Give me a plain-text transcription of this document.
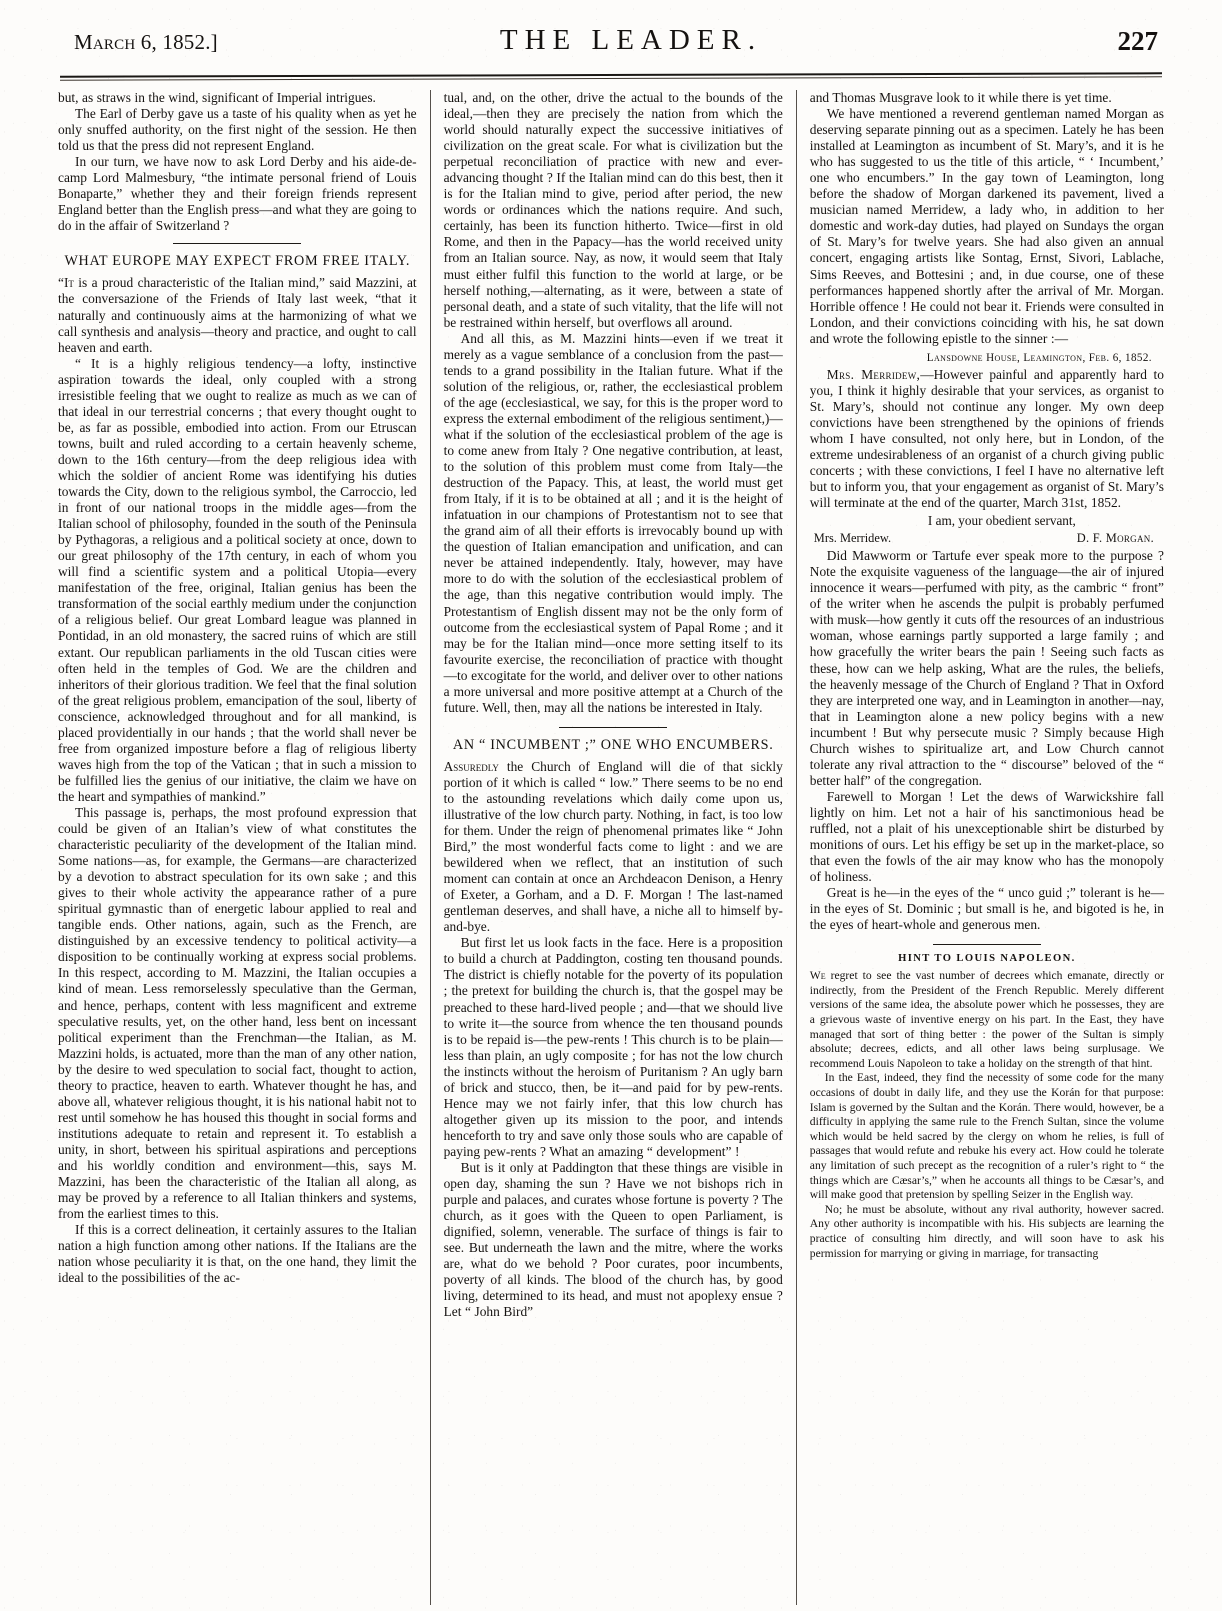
March 6, 1852.]	THE LEADER.	227

but, as straws in the wind, significant of Imperial intrigues.

The Earl of Derby gave us a taste of his quality when as yet he only snuffed authority, on the first night of the session. He then told us that the press did not represent England.

In our turn, we have now to ask Lord Derby and his aide-de-camp Lord Malmesbury, “the intimate personal friend of Louis Bonaparte,” whether they and their foreign friends represent England better than the English press—and what they are going to do in the affair of Switzerland ?

WHAT EUROPE MAY EXPECT FROM FREE ITALY.

“It is a proud characteristic of the Italian mind,” said Mazzini, at the conversazione of the Friends of Italy last week, “that it naturally and continuously aims at the harmonizing of what we call synthesis and analysis—theory and practice, and ought to call heaven and earth.

“ It is a highly religious tendency—a lofty, instinctive aspiration towards the ideal, only coupled with a strong irresistible feeling that we ought to realize as much as we can of that ideal in our terrestrial concerns ; that every thought ought to be, as far as possible, embodied into action. From our Etruscan towns, built and ruled according to a certain heavenly scheme, down to the 16th century—from the deep religious idea with which the soldier of ancient Rome was identifying his duties towards the City, down to the religious symbol, the Carroccio, led in front of our national troops in the middle ages—from the Italian school of philosophy, founded in the south of the Peninsula by Pythagoras, a religious and a political society at once, down to our great philosophy of the 17th century, in each of whom you will find a scientific system and a political Utopia—every manifestation of the free, original, Italian genius has been the transformation of the social earthly medium under the conjunction of a religious belief. Our great Lombard league was planned in Pontidad, in an old monastery, the sacred ruins of which are still extant. Our republican parliaments in the old Tuscan cities were often held in the temples of God. We are the children and inheritors of their glorious tradition. We feel that the final solution of the great religious problem, emancipation of the soul, liberty of conscience, acknowledged throughout and for all mankind, is placed providentially in our hands ; that the world shall never be free from organized imposture before a flag of religious liberty waves high from the top of the Vatican ; that in such a mission to be fulfilled lies the genius of our initiative, the claim we have on the heart and sympathies of mankind.”

This passage is, perhaps, the most profound expression that could be given of an Italian’s view of what constitutes the characteristic peculiarity of the development of the Italian mind. Some nations—as, for example, the Germans—are characterized by a devotion to abstract speculation for its own sake ; and this gives to their whole activity the appearance rather of a pure spiritual gymnastic than of energetic labour applied to real and tangible ends. Other nations, again, such as the French, are distinguished by an excessive tendency to political activity—a disposition to be continually working at express social problems. In this respect, according to M. Mazzini, the Italian occupies a kind of mean. Less remorselessly speculative than the German, and hence, perhaps, content with less magnificent and extreme speculative results, yet, on the other hand, less bent on incessant political experiment than the Frenchman—the Italian, as M. Mazzini holds, is actuated, more than the man of any other nation, by the desire to wed speculation to social fact, thought to action, theory to practice, heaven to earth. Whatever thought he has, and above all, whatever religious thought, it is his national habit not to rest until somehow he has housed this thought in social forms and institutions adequate to retain and represent it. To establish a unity, in short, between his spiritual aspirations and perceptions and his worldly condition and environment—this, says M. Mazzini, has been the characteristic of the Italian all along, as may be proved by a reference to all Italian thinkers and systems, from the earliest times to this.

If this is a correct delineation, it certainly assures to the Italian nation a high function among other nations. If the Italians are the nation whose peculiarity it is that, on the one hand, they limit the ideal to the possibilities of the ac-

tual, and, on the other, drive the actual to the bounds of the ideal,—then they are precisely the nation from which the world should naturally expect the successive initiatives of civilization on the great scale. For what is civilization but the perpetual reconciliation of practice with new and ever-advancing thought ? If the Italian mind can do this best, then it is for the Italian mind to give, period after period, the new words or ordinances which the nations require. And such, certainly, has been its function hitherto. Twice—first in old Rome, and then in the Papacy—has the world received unity from an Italian source. Nay, as now, it would seem that Italy must either fulfil this function to the world at large, or be herself nothing,—alternating, as it were, between a state of personal death, and a state of such vitality, that the life will not be restrained within herself, but overflows all around.

And all this, as M. Mazzini hints—even if we treat it merely as a vague semblance of a conclusion from the past—tends to a grand possibility in the Italian future. What if the solution of the religious, or, rather, the ecclesiastical problem of the age (ecclesiastical, we say, for this is the proper word to express the external embodiment of the religious sentiment,)—what if the solution of the ecclesiastical problem of the age is to come anew from Italy ? One negative contribution, at least, to the solution of this problem must come from Italy—the destruction of the Papacy. This, at least, the world must get from Italy, if it is to be obtained at all ; and it is the height of infatuation in our champions of Protestantism not to see that the grand aim of all their efforts is irrevocably bound up with the question of Italian emancipation and unification, and can never be attained independently. Italy, however, may have more to do with the solution of the ecclesiastical problem of the age, than this negative contribution would imply. The Protestantism of English dissent may not be the only form of outcome from the ecclesiastical system of Papal Rome ; and it may be for the Italian mind—once more setting itself to its favourite exercise, the reconciliation of practice with thought—to excogitate for the world, and deliver over to other nations a more universal and more positive attempt at a Church of the future. Well, then, may all the nations be interested in Italy.

AN “ INCUMBENT ;” ONE WHO ENCUMBERS.

Assuredly the Church of England will die of that sickly portion of it which is called “ low.” There seems to be no end to the astounding revelations which daily come upon us, illustrative of the low church party. Nothing, in fact, is too low for them. Under the reign of phenomenal primates like “ John Bird,” the most wonderful facts come to light : and we are bewildered when we reflect, that an institution of such moment can contain at once an Archdeacon Denison, a Henry of Exeter, a Gorham, and a D. F. Morgan ! The last-named gentleman deserves, and shall have, a niche all to himself by-and-bye.

But first let us look facts in the face. Here is a proposition to build a church at Paddington, costing ten thousand pounds. The district is chiefly notable for the poverty of its population ; the pretext for building the church is, that the gospel may be preached to these hard-lived people ; and—that we should live to write it—the source from whence the ten thousand pounds is to be repaid is—the pew-rents ! This church is to be plain—less than plain, an ugly composite ; for has not the low church the instincts without the heroism of Puritanism ? An ugly barn of brick and stucco, then, be it—and paid for by pew-rents. Hence may we not fairly infer, that this low church has altogether given up its mission to the poor, and intends henceforth to try and save only those souls who are capable of paying pew-rents ? What an amazing “ development” !

But is it only at Paddington that these things are visible in open day, shaming the sun ? Have we not bishops rich in purple and palaces, and curates whose fortune is poverty ? The church, as it goes with the Queen to open Parliament, is dignified, solemn, venerable. The surface of things is fair to see. But underneath the lawn and the mitre, where the works are, what do we behold ? Poor curates, poor incumbents, poverty of all kinds. The blood of the church has, by good living, determined to its head, and must not apoplexy ensue ? Let “ John Bird”

and Thomas Musgrave look to it while there is yet time.

We have mentioned a reverend gentleman named Morgan as deserving separate pinning out as a specimen. Lately he has been installed at Leamington as incumbent of St. Mary’s, and it is he who has suggested to us the title of this article, “ ‘ Incumbent,’ one who encumbers.” In the gay town of Leamington, long before the shadow of Morgan darkened its pavement, lived a musician named Merridew, a lady who, in addition to her domestic and work-day duties, had played on Sundays the organ of St. Mary’s for twelve years. She had also given an annual concert, engaging artists like Sontag, Ernst, Sivori, Lablache, Sims Reeves, and Bottesini ; and, in due course, one of these performances happened shortly after the arrival of Mr. Morgan. Horrible offence ! He could not bear it. Friends were consulted in London, and their convictions coinciding with his, he sat down and wrote the following epistle to the sinner :—

Lansdowne House, Leamington, Feb. 6, 1852.

Mrs. Merridew,—However painful and apparently hard to you, I think it highly desirable that your services, as organist to St. Mary’s, should not continue any longer. My own deep convictions have been strengthened by the opinions of friends whom I have consulted, not only here, but in London, of the extreme undesirableness of an organist of a church giving public concerts ; with these convictions, I feel I have no alternative left but to inform you, that your engagement as organist of St. Mary’s will terminate at the end of the quarter, March 31st, 1852.

I am, your obedient servant,
Mrs. Merridew.	D. F. Morgan.

Did Mawworm or Tartufe ever speak more to the purpose ? Note the exquisite vagueness of the language—the air of injured innocence it wears—perfumed with pity, as the cambric “ front” of the writer when he ascends the pulpit is probably perfumed with musk—how gently it cuts off the resources of an industrious woman, whose earnings partly supported a large family ; and how gracefully the writer bears the pain ! Seeing such facts as these, how can we help asking, What are the rules, the beliefs, the heavenly message of the Church of England ? That in Oxford they are interpreted one way, and in Leamington in another—nay, that in Leamington alone a new policy begins with a new incumbent ! But why persecute music ? Simply because High Church wishes to spiritualize art, and Low Church cannot tolerate any rival attraction to the “ discourse” beloved of the “ better half” of the congregation.

Farewell to Morgan ! Let the dews of Warwickshire fall lightly on him. Let not a hair of his sanctimonious head be ruffled, not a plait of his unexceptionable shirt be disturbed by monitions of ours. Let his effigy be set up in the market-place, so that even the fowls of the air may know who has the monopoly of holiness.

Great is he—in the eyes of the “ unco guid ;” tolerant is he—in the eyes of St. Dominic ; but small is he, and bigoted is he, in the eyes of heart-whole and generous men.

HINT TO LOUIS NAPOLEON.

We regret to see the vast number of decrees which emanate, directly or indirectly, from the President of the French Republic. Merely different versions of the same idea, the absolute power which he possesses, they are a grievous waste of inventive energy on his part. In the East, they have managed that sort of thing better : the power of the Sultan is simply absolute; decrees, edicts, and all other laws being surplusage. We recommend Louis Napoleon to take a holiday on the strength of that hint.

In the East, indeed, they find the necessity of some code for the many occasions of doubt in daily life, and they use the Korán for that purpose: Islam is governed by the Sultan and the Korán. There would, however, be a difficulty in applying the same rule to the French Sultan, since the volume which would be held sacred by the clergy on whom he relies, is full of passages that would refute and rebuke his every act. How could he tolerate any limitation of such precept as the recognition of a ruler’s right to “ the things which are Cæsar’s,” when he accounts all things to be Cæsar’s, and will make good that pretension by spelling Seizer in the English way.

No; he must be absolute, without any rival authority, however sacred. Any other authority is incompatible with his. His subjects are learning the practice of consulting him directly, and will soon have to ask his permission for marrying or giving in marriage, for transacting
